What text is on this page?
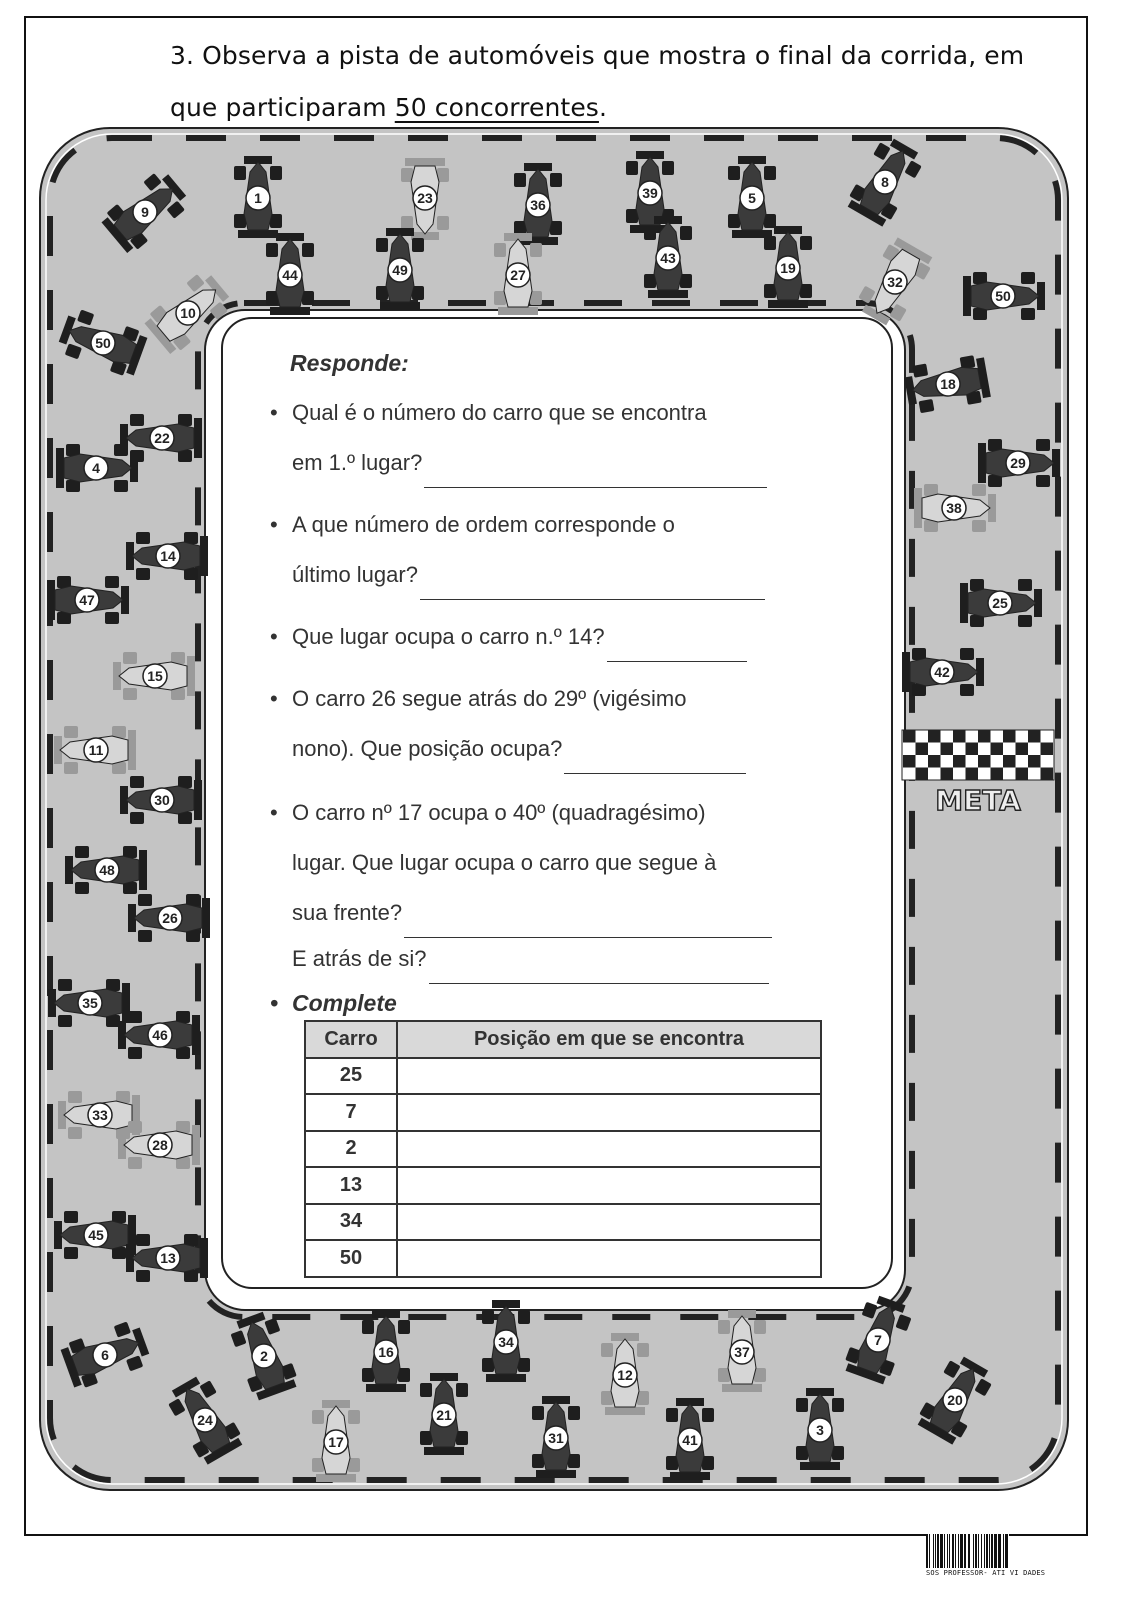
3. Observa a pista de automóveis que mostra o final da corrida, em
que participaram 50 concorrentes.
META
9
1	23	36
39	5
8
44	49	27
43
19
32
50
50
10
18
22
29
4
38
14
25
47
42
15
11
30
48
26
35
46
33
28
45
13
6	2	16
34
12
37
7
24
17
21
31	41
3
20
Responde:
• Qual é o número do carro que se encontra
em 1.º lugar?
• A que número de ordem corresponde o
último lugar?
• Que lugar ocupa o carro n.º 14?
• O carro 26 segue atrás do 29º (vigésimo
nono). Que posição ocupa?
• O carro nº 17 ocupa o 40º (quadragésimo)
lugar. Que lugar ocupa o carro que segue à
sua frente?
E atrás de si?
• Complete
Carro	Posição em que se encontra
25	
7	
2	
13	
34	
50	
SOS PROFESSOR- ATI VI DADES
